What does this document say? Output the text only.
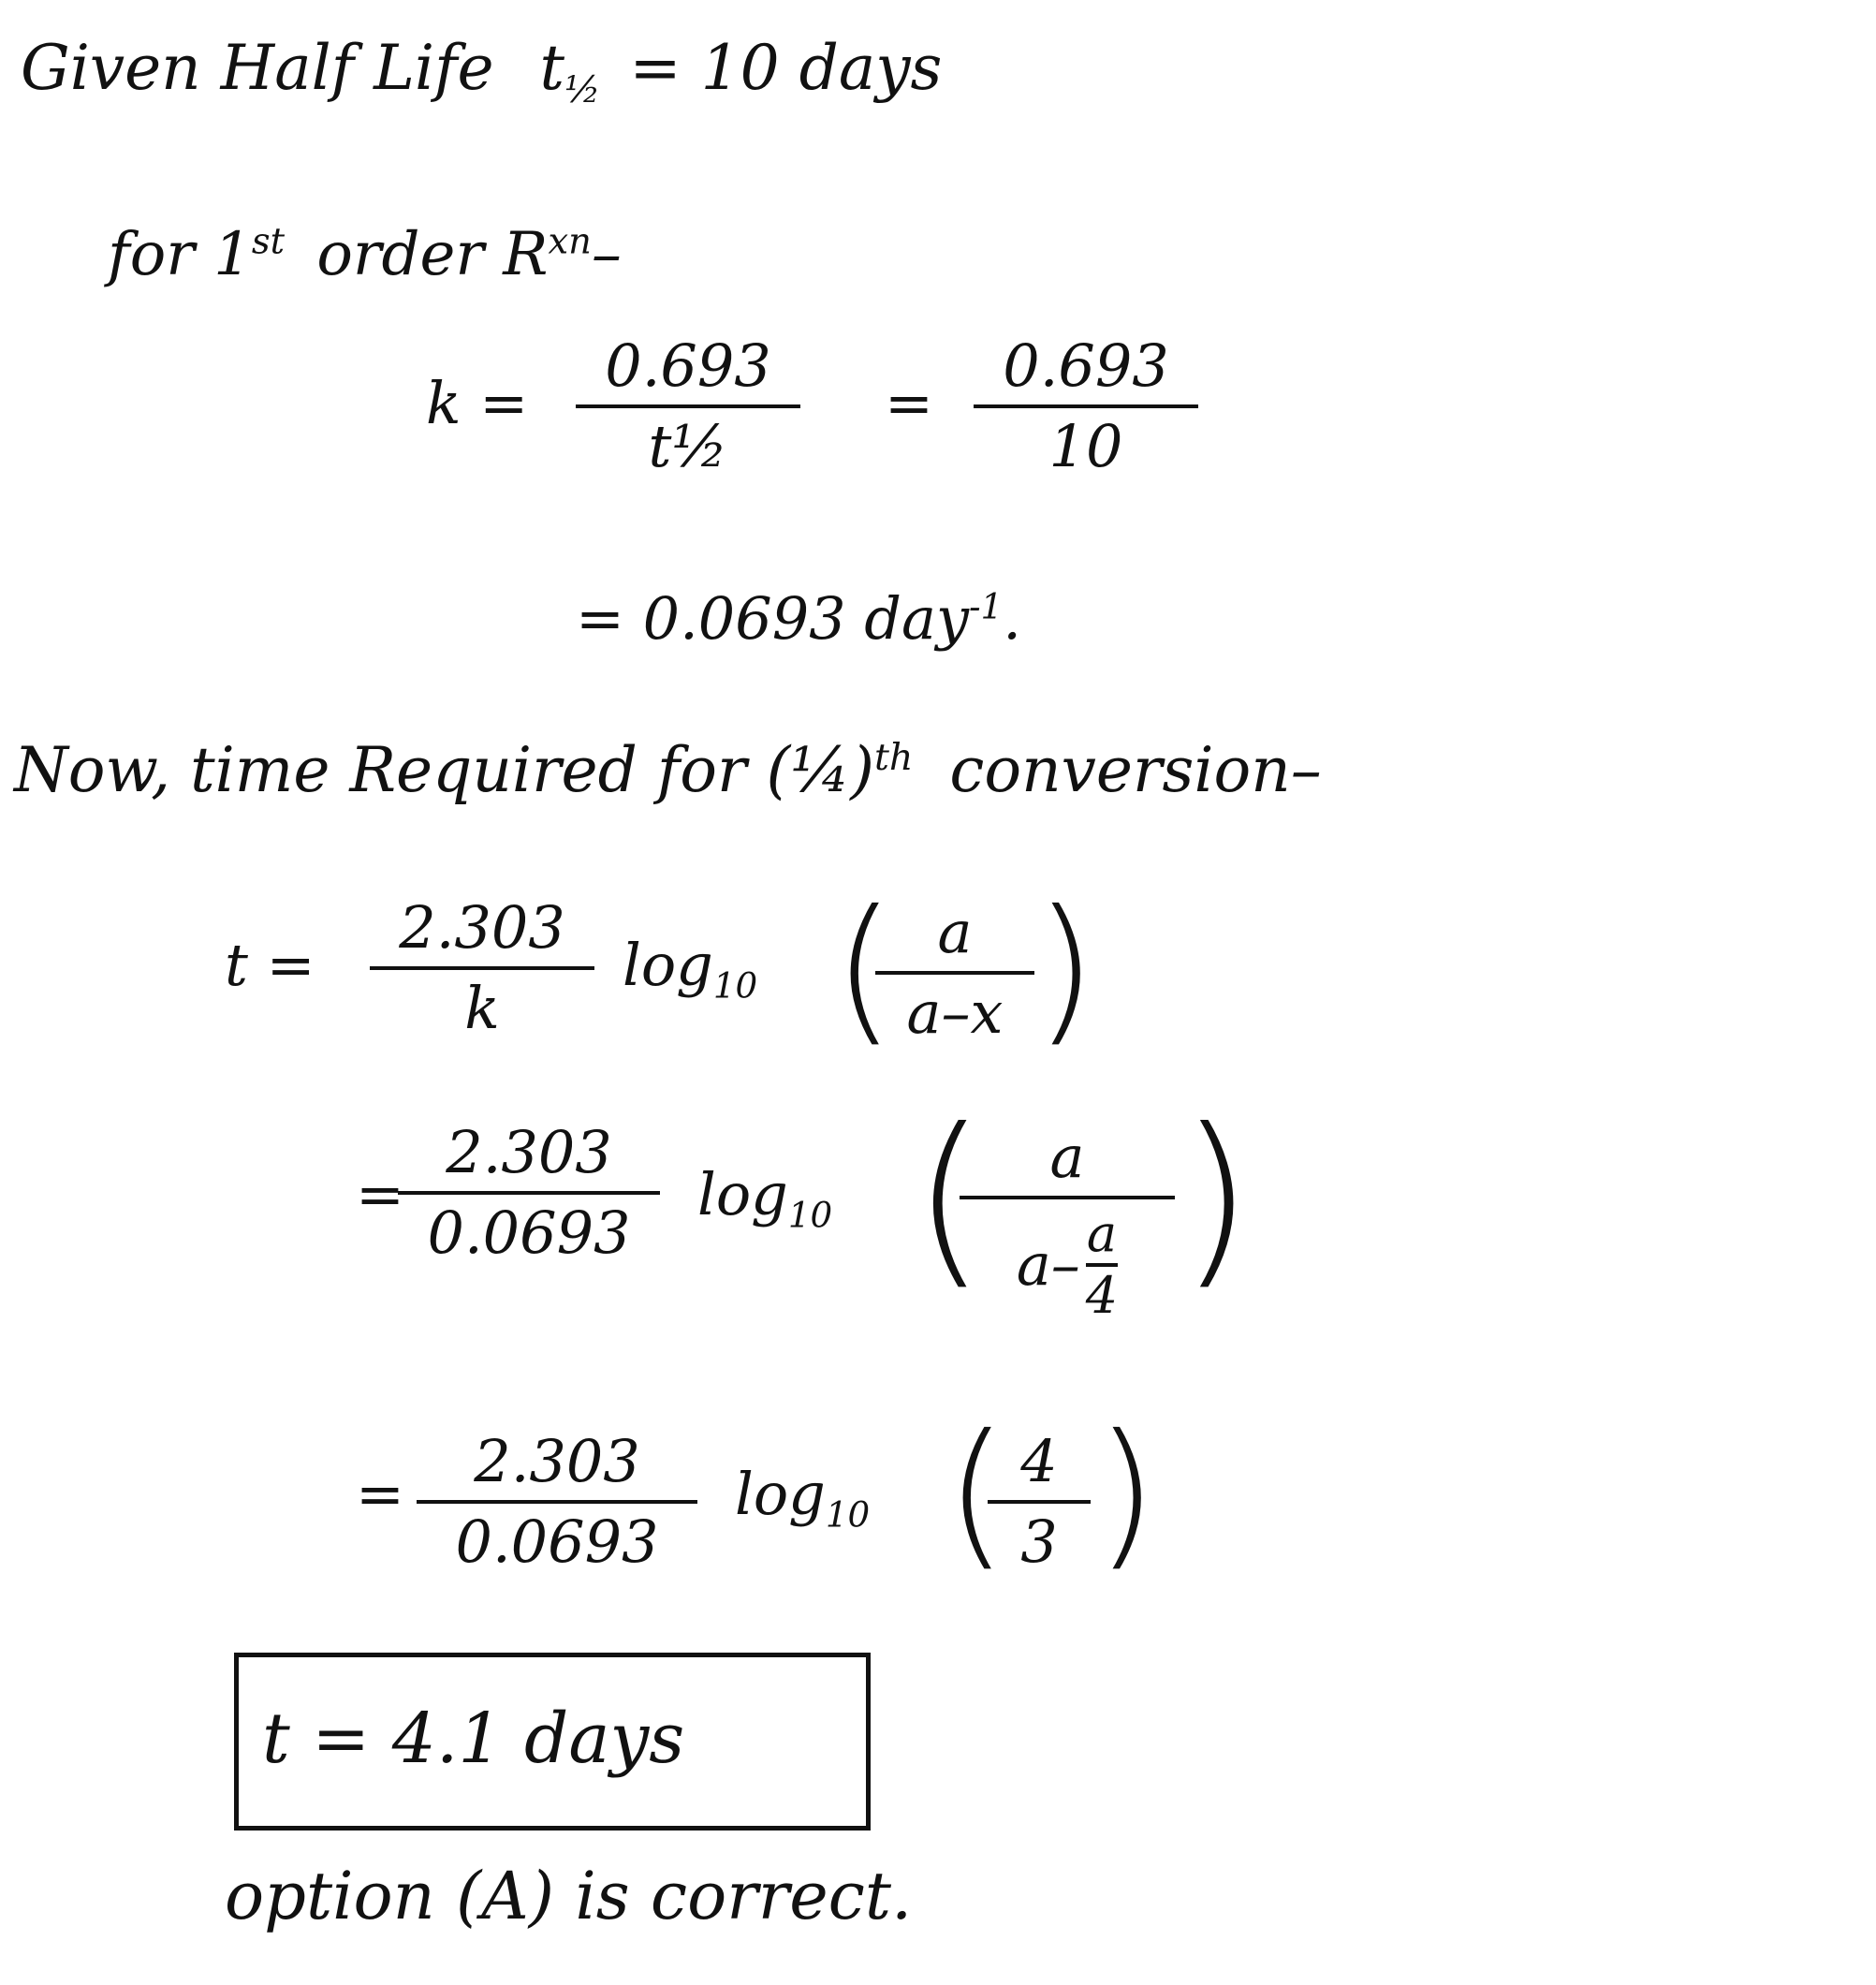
Given Half Life $t_{\frac{1}{2}} = 10$ days
for 1st order $R^{xn}-$
k =
0.693
t½
=
0.693
10
= 0.0693 day$^{-1}$.
Now, time Required for (¼)$^{th}$ conversion–
t =
2.303
k
$\log_{10}$ ( a
a–x )
=
2.303
0.0693
$\log_{10}$ (	a
a– a
4 )
=	2.303
0.0693
$\log_{10}$ ( 4
3 )
t = 4.1 days
option (A) is correct.
